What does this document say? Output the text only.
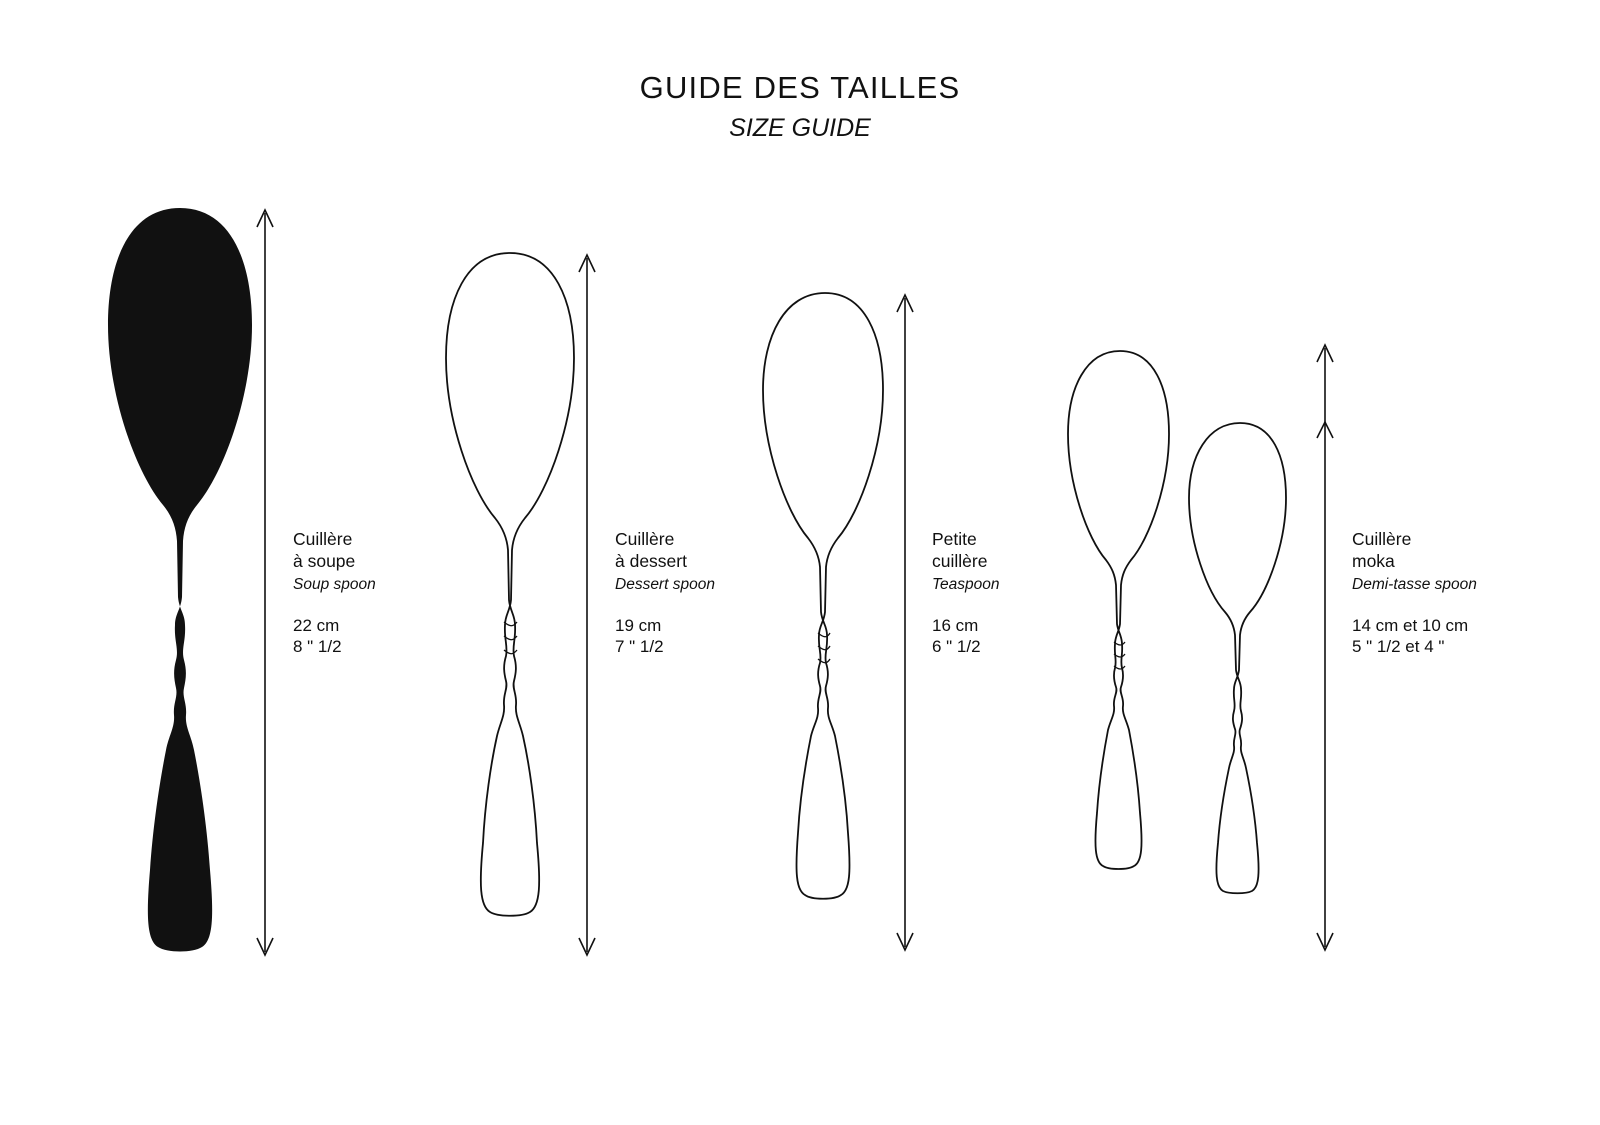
GUIDE DES TAILLES
SIZE GUIDE
Cuillère
à soupe
Soup spoon
22 cm
8 " 1/2
Cuillère
à dessert
Dessert spoon
19 cm
7 " 1/2
Petite
cuillère
Teaspoon
16 cm
6 " 1/2
Cuillère
moka
Demi-tasse spoon
14 cm et 10 cm
5 " 1/2 et 4 "
